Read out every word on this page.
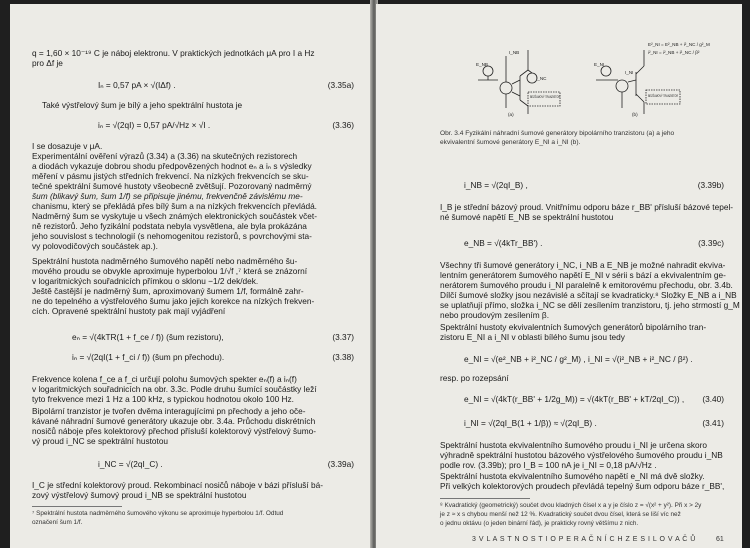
q = 1,60 × 10⁻¹⁹ C je náboj elektronu. V praktických jednotkách μA pro I a Hz
pro Δf je
Iₙ = 0,57 pA × √(IΔf) .	(3.35a)
Také výstřelový šum je bílý a jeho spektrální hustota je
iₙ = √(2qI) = 0,57 pA/√Hz × √I .	(3.36)
I se dosazuje v μA.
Experimentální ověření výrazů (3.34) a (3.36) na skutečných rezistorech
a diodách vykazuje dobrou shodu předpovězených hodnot eₙ a iₙ s výsledky
měření v pásmu jistých středních frekvencí. Na nízkých frekvencích se sku-
tečné spektrální šumové hustoty všeobecně zvětšují. Pozorovaný nadměrný
šum (blikavý šum, šum 1/f) se připisuje jinému, frekvenčně závislému me-
chanismu, který se překládá přes bílý šum a na nízkých frekvencích převládá.
Nadměrný šum se vyskytuje u všech známých elektronických součástek včet-
ně rezistorů. Jeho fyzikální podstata nebyla vysvětlena, ale byla prokázána
jeho souvislost s technologií (s nehomogenitou rezistorů, s povrchovými sta-
vy polovodičových součástek ap.).
Spektrální hustota nadměrného šumového napětí nebo nadměrného šu-
mového proudu se obvykle aproximuje hyperbolou 1/√f ,⁷ která se znázorní
v logaritmických souřadnicích přímkou o sklonu −1/2 dek/dek.
Ještě častější je nadměrný šum, aproximovaný šumem 1/f, formálně zahr-
ne do tepelného a výstřelového šumu jako jejich korekce na nízkých frekven-
cích. Opravené spektrální hustoty pak mají vyjádření
eₙ = √(4kTR(1 + f_ce / f)) (šum rezistoru),	(3.37)
iₙ = √(2qI(1 + f_ci / f)) (šum pn přechodu).	(3.38)
Frekvence kolena f_ce a f_ci určují polohu šumových spekter eₙ(f) a iₙ(f)
v logaritmických souřadnicích na obr. 3.3c. Podle druhu šumící součástky leží
tyto frekvence mezi 1 Hz a 100 kHz, s typickou hodnotou okolo 100 Hz.
Bipolární tranzistor je tvořen dvěma interagujícími pn přechody a jeho oče-
kávané náhradní šumové generátory ukazuje obr. 3.4a. Průchodu diskrétních
nosičů náboje přes kolektorový přechod přísluší kolektorový výstřelový šumo-
vý proud i_NC se spektrální hustotou
i_NC = √(2qI_C) .	(3.39a)
I_C je střední kolektorový proud. Rekombinací nosičů náboje v bázi přísluší bá-
zový výstřelový šumový proud i_NB se spektrální hustotou
⁷ Spektrální hustota nadměrného šumového výkonu se aproximuje hyperbolou 1/f. Odtud
označení šum 1/f.
E_NB
I_NB
I_NC
E_NI
I_NI
E²_NI = E²_NB + i²_NC / g²_M
i²_NI = i²_NB + i²_NC / β²
(a)	(b)
BEZŠUMOVÝ TRANZISTOR	BEZŠUMOVÝ TRANZISTOR
Obr. 3.4 Fyzikální náhradní šumové generátory bipolárního tranzistoru (a) a jeho
ekvivalentní šumové generátory E_NI a i_NI (b).
i_NB = √(2qI_B) ,	(3.39b)
I_B je střední bázový proud. Vnitřnímu odporu báze r_BB' přísluší bázové tepel-
né šumové napětí E_NB se spektrální hustotou
e_NB = √(4kTr_BB') .	(3.39c)
Všechny tři šumové generátory i_NC, i_NB a E_NB je možné nahradit ekviva-
lentním generátorem šumového napětí E_NI v sérii s bází a ekvivalentním ge-
nerátorem šumového proudu i_NI paralelně k emitorovému přechodu, obr. 3.4b.
Dílčí šumové složky jsou nezávislé a sčítají se kvadraticky.⁸ Složky E_NB a i_NB
se uplatňují přímo, složka i_NC se dělí zesílením tranzistoru, tj. jeho strmostí g_M
nebo proudovým zesílením β.
Spektrální hustoty ekvivalentních šumových generátorů bipolárního tran-
zistoru E_NI a i_NI v oblasti bílého šumu jsou tedy
e_NI = √(e²_NB + i²_NC / g²_M) , i_NI = √(i²_NB + i²_NC / β²) .
resp. po rozepsání
e_NI = √(4kT(r_BB' + 1/2g_M)) = √(4kT(r_BB' + kT/2qI_C)) , (3.40)
i_NI = √(2qI_B(1 + 1/β)) ≈ √(2qI_B) .	(3.41)
Spektrální hustota ekvivalentního šumového proudu i_NI je určena skoro
výhradně spektrální hustotou bázového výstřelového šumového proudu i_NB
podle rov. (3.39b); pro I_B = 100 nA je i_NI = 0,18 pA/√Hz .
Spektrální hustota ekvivalentního šumového napětí e_NI má dvě složky.
Při velkých kolektorových proudech převládá tepelný šum odporu báze r_BB',
⁸ Kvadratický (geometrický) součet dvou kladných čísel x a y je číslo z = √(x² + y²). Při x > 2y
je z ≈ x s chybou menší než 12 %. Kvadratický součet dvou čísel, která se liší víc než
o jednu oktávu (o jeden binární řád), je prakticky rovný většímu z nich.
3 V L A S T N O S T I O P E R A Č N Í C H Z E S I L O V A Č Ů	61
